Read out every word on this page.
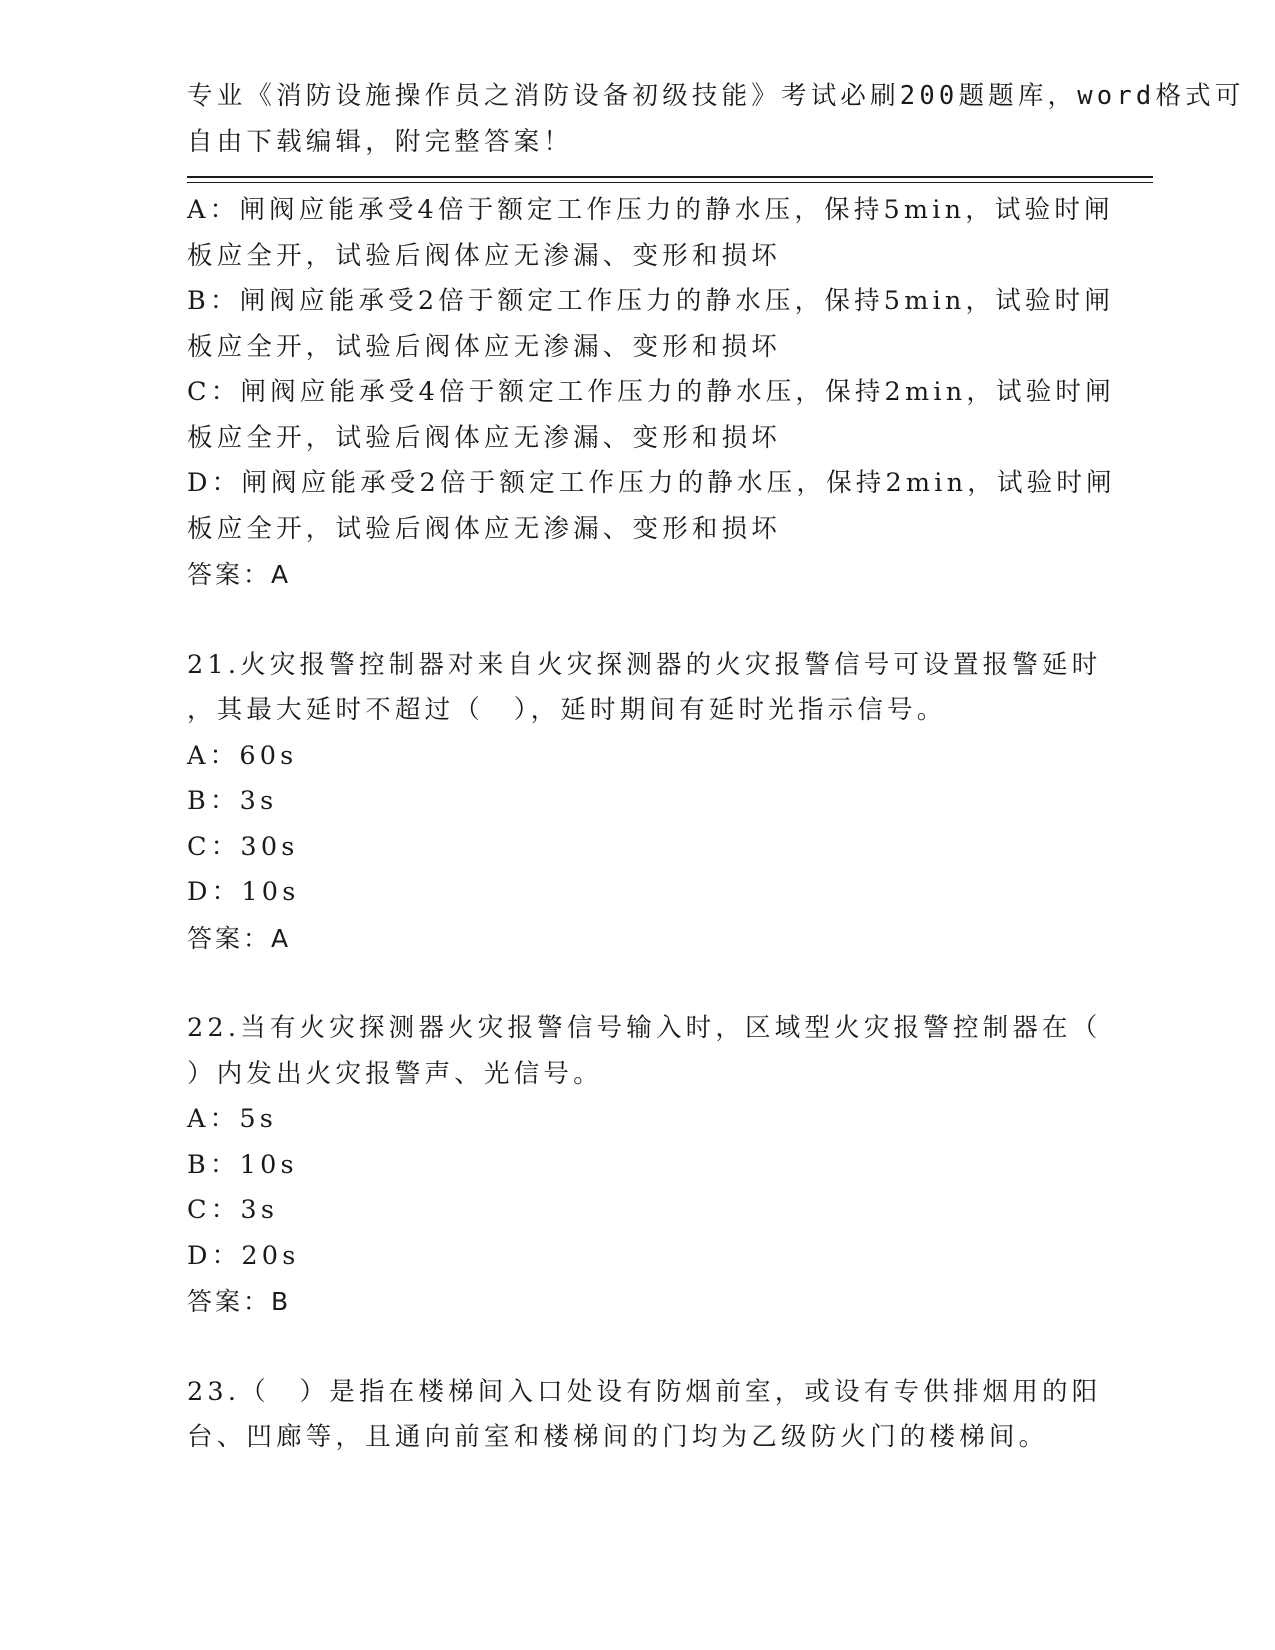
专业《消防设施操作员之消防设备初级技能》考试必刷200题题库，word格式可
自由下载编辑，附完整答案！
A：闸阀应能承受4倍于额定工作压力的静水压，保持5min，试验时闸
板应全开，试验后阀体应无渗漏、变形和损坏
B：闸阀应能承受2倍于额定工作压力的静水压，保持5min，试验时闸
板应全开，试验后阀体应无渗漏、变形和损坏
C：闸阀应能承受4倍于额定工作压力的静水压，保持2min，试验时闸
板应全开，试验后阀体应无渗漏、变形和损坏
D：闸阀应能承受2倍于额定工作压力的静水压，保持2min，试验时闸
板应全开，试验后阀体应无渗漏、变形和损坏
答案：A
21.火灾报警控制器对来自火灾探测器的火灾报警信号可设置报警延时
，其最大延时不超过（　），延时期间有延时光指示信号。
A：60s
B：3s
C：30s
D：10s
答案：A
22.当有火灾探测器火灾报警信号输入时，区域型火灾报警控制器在（
）内发出火灾报警声、光信号。
A：5s
B：10s
C：3s
D：20s
答案：B
23.（　）是指在楼梯间入口处设有防烟前室，或设有专供排烟用的阳
台、凹廊等，且通向前室和楼梯间的门均为乙级防火门的楼梯间。
